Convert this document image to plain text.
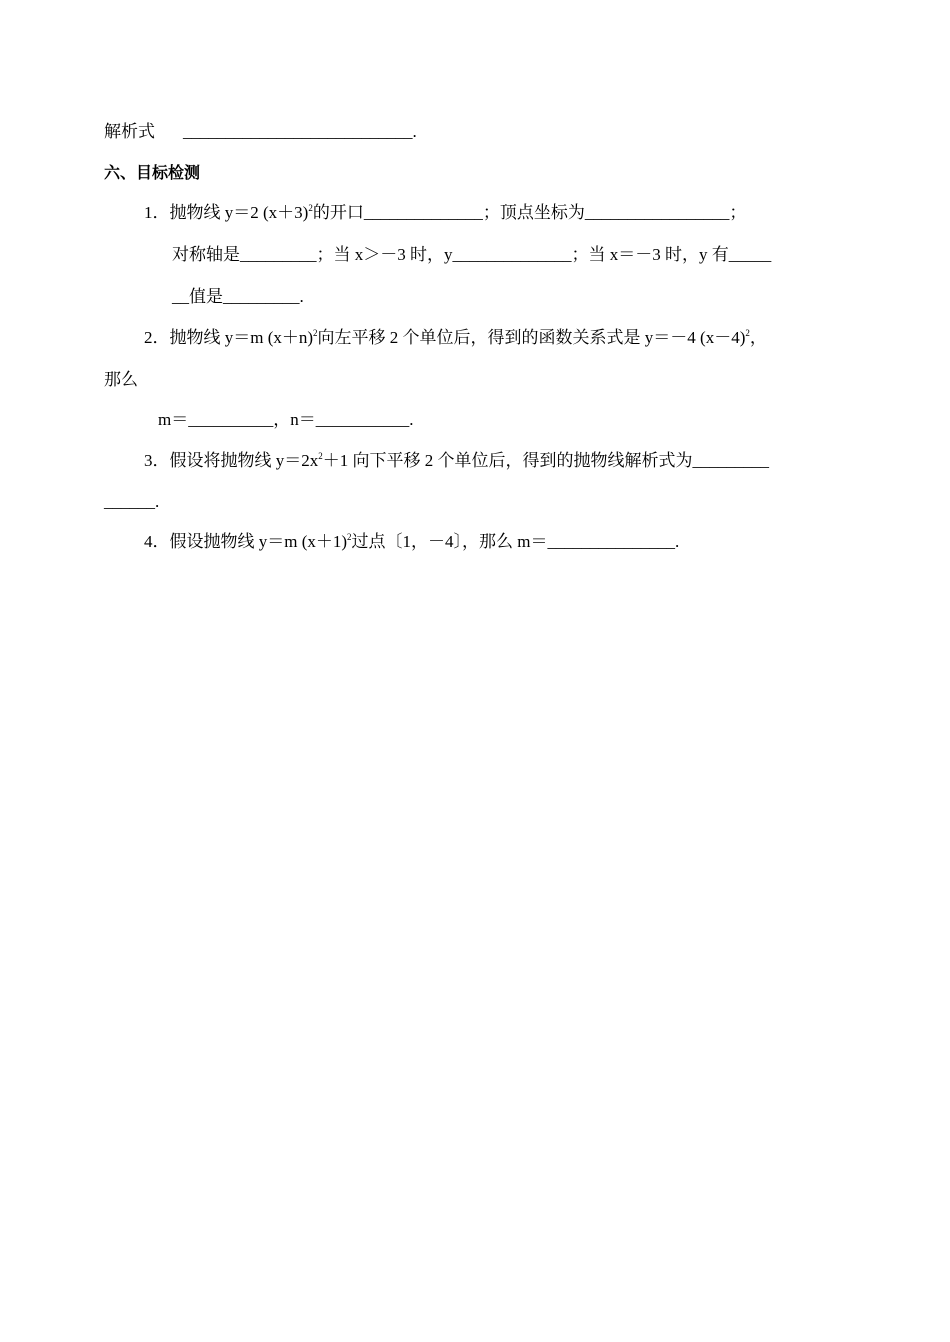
解析式 ___________________________.
六、目标检测
1．抛物线 y＝2 $(x+3)^2$的开口______________；顶点坐标为_________________；
对称轴是_________；当 x＞－3 时，y______________；当 x＝－3 时，y 有_____
__值是_________.
2．抛物线 y＝m $(x+n)^2$向左平移 2 个单位后，得到的函数关系式是 y＝－4 $(x-4)^2$，
那么
m＝__________，n＝___________.
3．假设将抛物线 $y=2x^2+1$ 向下平移 2 个单位后，得到的抛物线解析式为_________
______.
4．假设抛物线 y＝m $(x+1)^2$过点〔1，－4〕，那么 m＝_______________.
